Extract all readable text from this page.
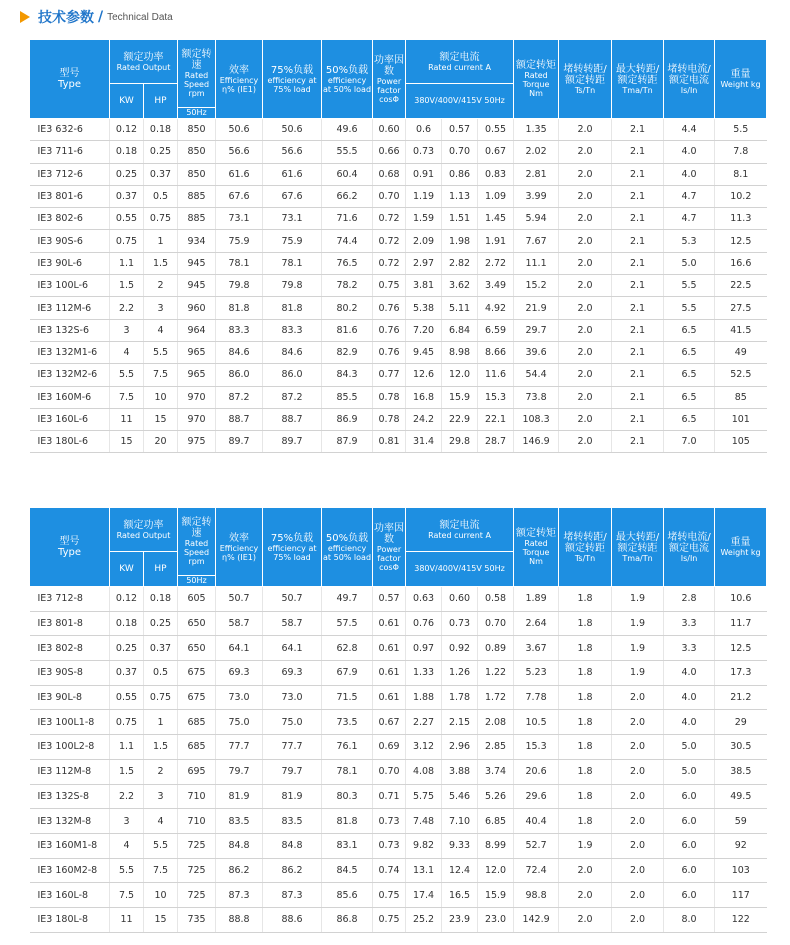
技术参数 / Technical Data
型号
Type	额定功率
Rated Output		额定转速
Rated Speed rpm	效率
Efficiency η% (IE1)	75%负载
efficiency at 75% load	50%负载
efficiency at 50% load	功率因数
Power factor cosΦ	额定电流
Rated current A			额定转矩
Rated Torque Nm	堵转转距/额定转距
Ts/Tn	最大转距/额定转距
Tma/Tn	堵转电流/额定电流
Is/In	重量
Weight kg

	KW	HP						380V/400V/415V 50Hz							
			50Hz												
IE3 632-6	0.12	0.18	850	50.6	50.6	49.6	0.60	0.6	0.57	0.55	1.35	2.0	2.1	4.4	5.5
IE3 711-6	0.18	0.25	850	56.6	56.6	55.5	0.66	0.73	0.70	0.67	2.02	2.0	2.1	4.0	7.8
IE3 712-6	0.25	0.37	850	61.6	61.6	60.4	0.68	0.91	0.86	0.83	2.81	2.0	2.1	4.0	8.1
IE3 801-6	0.37	0.5	885	67.6	67.6	66.2	0.70	1.19	1.13	1.09	3.99	2.0	2.1	4.7	10.2
IE3 802-6	0.55	0.75	885	73.1	73.1	71.6	0.72	1.59	1.51	1.45	5.94	2.0	2.1	4.7	11.3
IE3 90S-6	0.75	1	934	75.9	75.9	74.4	0.72	2.09	1.98	1.91	7.67	2.0	2.1	5.3	12.5
IE3 90L-6	1.1	1.5	945	78.1	78.1	76.5	0.72	2.97	2.82	2.72	11.1	2.0	2.1	5.0	16.6
IE3 100L-6	1.5	2	945	79.8	79.8	78.2	0.75	3.81	3.62	3.49	15.2	2.0	2.1	5.5	22.5
IE3 112M-6	2.2	3	960	81.8	81.8	80.2	0.76	5.38	5.11	4.92	21.9	2.0	2.1	5.5	27.5
IE3 132S-6	3	4	964	83.3	83.3	81.6	0.76	7.20	6.84	6.59	29.7	2.0	2.1	6.5	41.5
IE3 132M1-6	4	5.5	965	84.6	84.6	82.9	0.76	9.45	8.98	8.66	39.6	2.0	2.1	6.5	49
IE3 132M2-6	5.5	7.5	965	86.0	86.0	84.3	0.77	12.6	12.0	11.6	54.4	2.0	2.1	6.5	52.5
IE3 160M-6	7.5	10	970	87.2	87.2	85.5	0.78	16.8	15.9	15.3	73.8	2.0	2.1	6.5	85
IE3 160L-6	11	15	970	88.7	88.7	86.9	0.78	24.2	22.9	22.1	108.3	2.0	2.1	6.5	101
IE3 180L-6	15	20	975	89.7	89.7	87.9	0.81	31.4	29.8	28.7	146.9	2.0	2.1	7.0	105
型号
Type	额定功率
Rated Output		额定转速
Rated Speed rpm	效率
Efficiency η% (IE1)	75%负载
efficiency at 75% load	50%负载
efficiency at 50% load	功率因数
Power factor cosΦ	额定电流
Rated current A			额定转矩
Rated Torque Nm	堵转转距/额定转距
Ts/Tn	最大转距/额定转距
Tma/Tn	堵转电流/额定电流
Is/In	重量
Weight kg

	KW	HP						380V/400V/415V 50Hz							
			50Hz												
IE3 712-8	0.12	0.18	605	50.7	50.7	49.7	0.57	0.63	0.60	0.58	1.89	1.8	1.9	2.8	10.6
IE3 801-8	0.18	0.25	650	58.7	58.7	57.5	0.61	0.76	0.73	0.70	2.64	1.8	1.9	3.3	11.7
IE3 802-8	0.25	0.37	650	64.1	64.1	62.8	0.61	0.97	0.92	0.89	3.67	1.8	1.9	3.3	12.5
IE3 90S-8	0.37	0.5	675	69.3	69.3	67.9	0.61	1.33	1.26	1.22	5.23	1.8	1.9	4.0	17.3
IE3 90L-8	0.55	0.75	675	73.0	73.0	71.5	0.61	1.88	1.78	1.72	7.78	1.8	2.0	4.0	21.2
IE3 100L1-8	0.75	1	685	75.0	75.0	73.5	0.67	2.27	2.15	2.08	10.5	1.8	2.0	4.0	29
IE3 100L2-8	1.1	1.5	685	77.7	77.7	76.1	0.69	3.12	2.96	2.85	15.3	1.8	2.0	5.0	30.5
IE3 112M-8	1.5	2	695	79.7	79.7	78.1	0.70	4.08	3.88	3.74	20.6	1.8	2.0	5.0	38.5
IE3 132S-8	2.2	3	710	81.9	81.9	80.3	0.71	5.75	5.46	5.26	29.6	1.8	2.0	6.0	49.5
IE3 132M-8	3	4	710	83.5	83.5	81.8	0.73	7.48	7.10	6.85	40.4	1.8	2.0	6.0	59
IE3 160M1-8	4	5.5	725	84.8	84.8	83.1	0.73	9.82	9.33	8.99	52.7	1.9	2.0	6.0	92
IE3 160M2-8	5.5	7.5	725	86.2	86.2	84.5	0.74	13.1	12.4	12.0	72.4	2.0	2.0	6.0	103
IE3 160L-8	7.5	10	725	87.3	87.3	85.6	0.75	17.4	16.5	15.9	98.8	2.0	2.0	6.0	117
IE3 180L-8	11	15	735	88.8	88.6	86.8	0.75	25.2	23.9	23.0	142.9	2.0	2.0	8.0	122
